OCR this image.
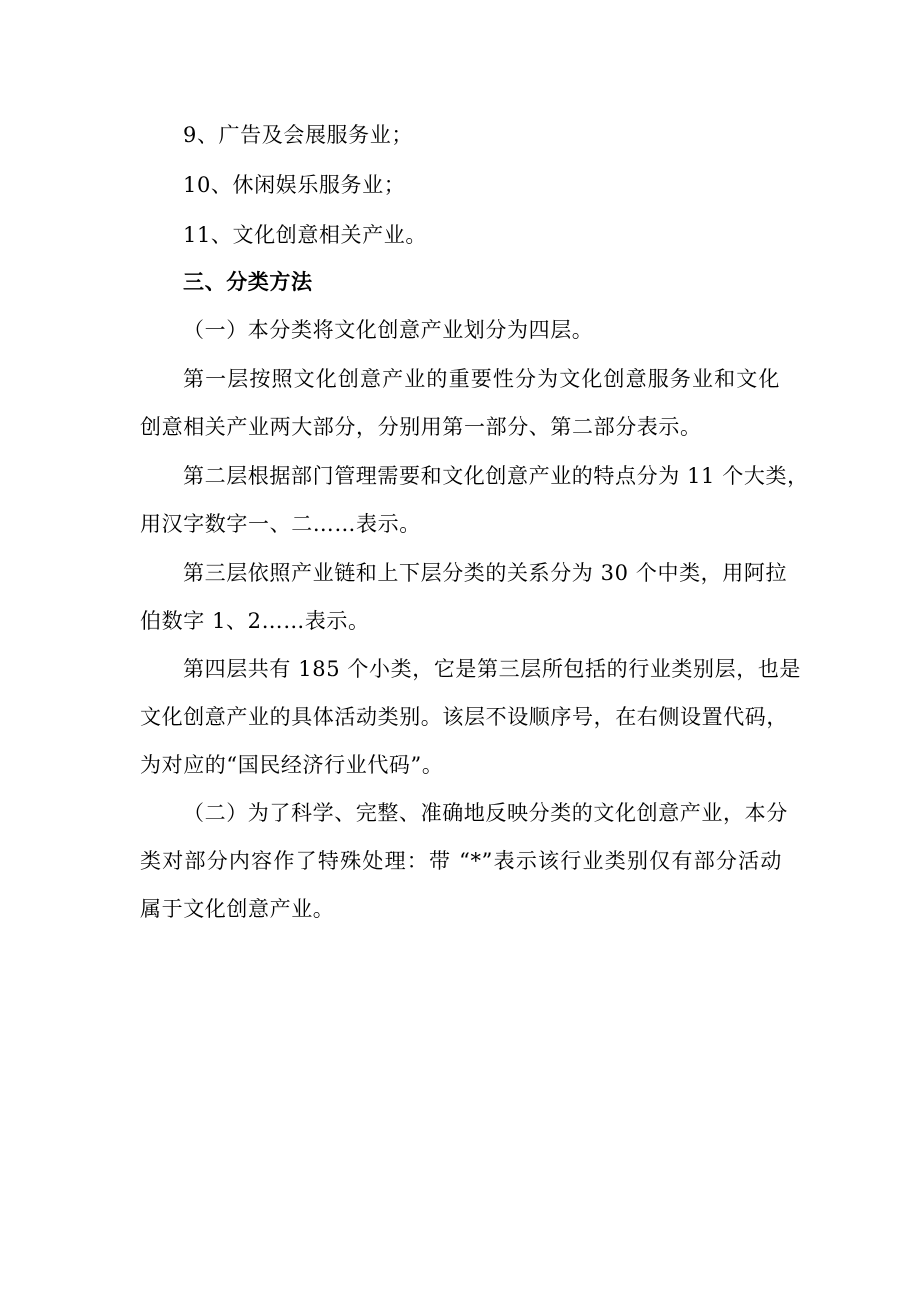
9、广告及会展服务业；
10、休闲娱乐服务业；
11、文化创意相关产业。
三、分类方法
（一）本分类将文化创意产业划分为四层。
第一层按照文化创意产业的重要性分为文化创意服务业和文化
创意相关产业两大部分，分别用第一部分、第二部分表示。
第二层根据部门管理需要和文化创意产业的特点分为 11 个大类，
用汉字数字一、二……表示。
第三层依照产业链和上下层分类的关系分为 30 个中类，用阿拉
伯数字 1、2……表示。
第四层共有 185 个小类，它是第三层所包括的行业类别层，也是
文化创意产业的具体活动类别。该层不设顺序号，在右侧设置代码，
为对应的“国民经济行业代码”。
（二）为了科学、完整、准确地反映分类的文化创意产业，本分
类对部分内容作了特殊处理：带 “*”表示该行业类别仅有部分活动
属于文化创意产业。
